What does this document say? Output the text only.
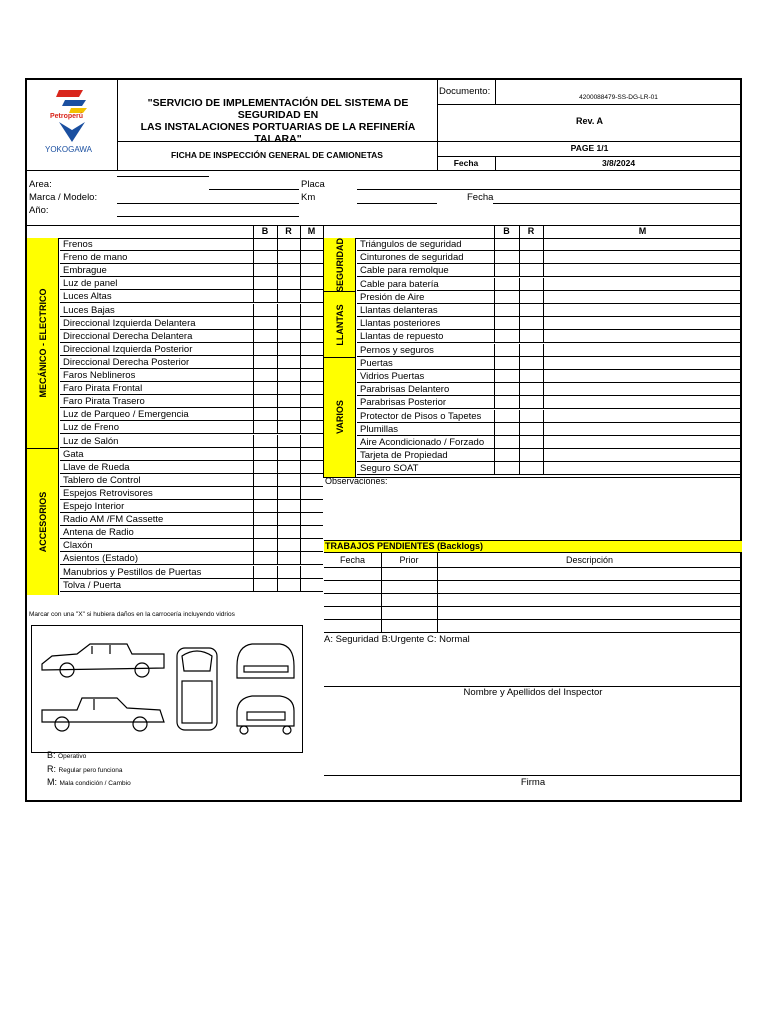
Petroperú
YOKOGAWA
"SERVICIO DE IMPLEMENTACIÓN DEL SISTEMA DE SEGURIDAD EN
LAS INSTALACIONES PORTUARIAS DE LA REFINERÍA TALARA"
FICHA DE INSPECCIÓN GENERAL DE CAMIONETAS
Documento:
4200088479-SS-DG-LR-01
Rev. A
PAGE 1/1
Fecha	3/8/2024
Area:
Marca / Modelo:
Año:
Placa
Km	Fecha
B	R	M	B	R	M
MECÁNICO - ELECTRICO
ACCESORIOS
Frenos
Freno de mano
Embrague
Luz de panel
Luces Altas
Luces Bajas
Direccional Izquierda Delantera
Direccional Derecha Delantera
Direccional Izquierda Posterior
Direccional Derecha Posterior
Faros Neblineros
Faro Pirata Frontal
Faro Pirata Trasero
Luz de Parqueo / Emergencia
Luz de Freno
Luz de Salón
Gata
Llave de Rueda
Tablero de Control
Espejos Retrovisores
Espejo Interior
Radio AM /FM Cassette
Antena de Radio
Claxón
Asientos (Estado)
Manubrios y Pestillos de Puertas
Tolva / Puerta
SEGURIDAD
LLANTAS
VARIOS
Triángulos de seguridad
Cinturones de seguridad
Cable para remolque
Cable para batería
Presión de Aire
Llantas delanteras
Llantas posteriores
Llantas de repuesto
Pernos y seguros
Puertas
Vidrios Puertas
Parabrisas Delantero
Parabrisas Posterior
Protector de Pisos o Tapetes
Plumillas
Aire Acondicionado / Forzado
Tarjeta de Propiedad
Seguro SOAT
Observaciones:
TRABAJOS PENDIENTES (Backlogs)
Fecha	Prior	Descripción
A: Seguridad B:Urgente C: Normal
Nombre y Apellidos del Inspector
Firma
Marcar con una "X" si hubiera daños en la carrocería incluyendo vidrios
B: Operativo
R: Regular pero funciona
M: Mala condición / Cambio
